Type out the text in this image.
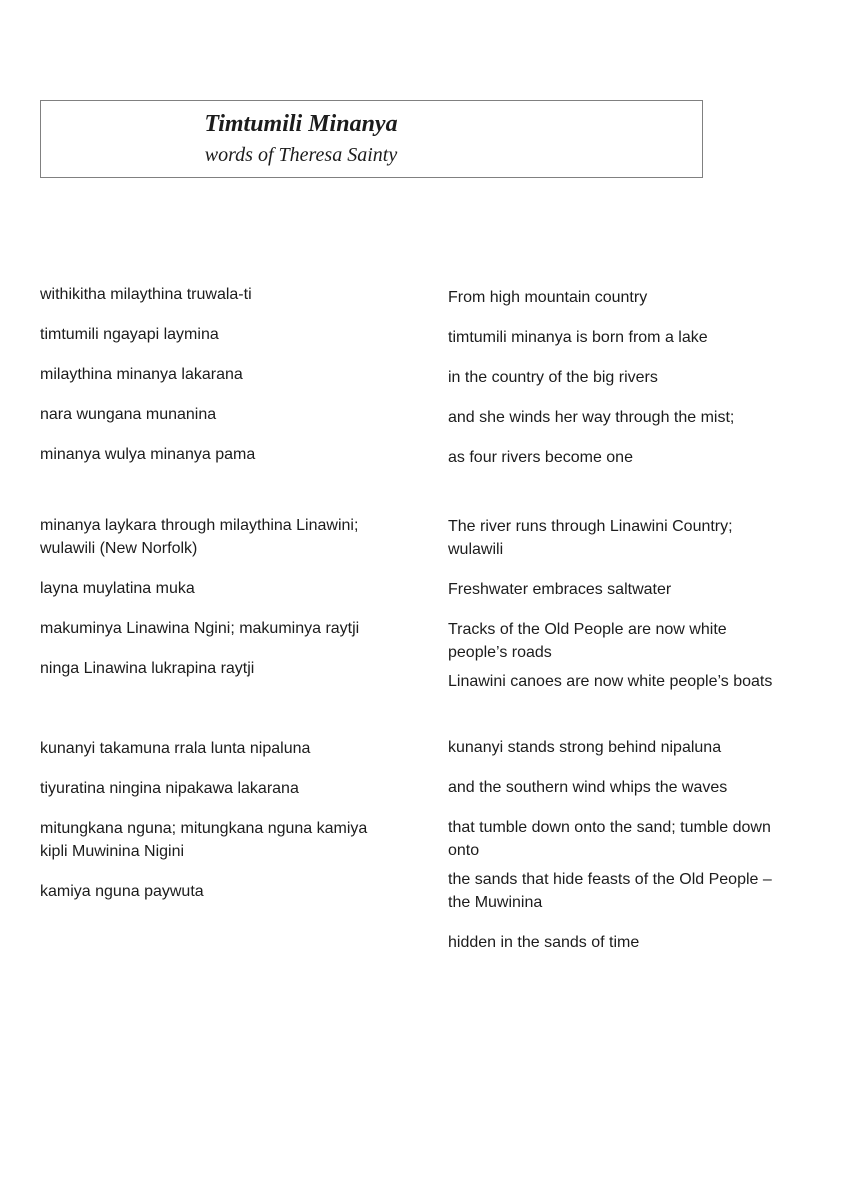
Timtumili Minanya
words of Theresa Sainty

withikitha milaythina truwala-ti

timtumili ngayapi laymina

milaythina minanya lakarana

nara wungana munanina

minanya wulya minanya pama

minanya laykara through milaythina Linawini;
wulawili (New Norfolk)

layna muylatina muka

makuminya Linawina Ngini; makuminya raytji

ninga Linawina lukrapina raytji

kunanyi takamuna rrala lunta nipaluna

tiyuratina ningina nipakawa lakarana

mitungkana nguna; mitungkana nguna kamiya
kipli Muwinina Nigini

kamiya nguna paywuta

From high mountain country

timtumili minanya is born from a lake

in the country of the big rivers

and she winds her way through the mist;

as four rivers become one

The river runs through Linawini Country;
wulawili

Freshwater embraces saltwater

Tracks of the Old People are now white
people’s roads

Linawini canoes are now white people’s boats

kunanyi stands strong behind nipaluna

and the southern wind whips the waves

that tumble down onto the sand; tumble down
onto

the sands that hide feasts of the Old People –
the Muwinina

hidden in the sands of time
